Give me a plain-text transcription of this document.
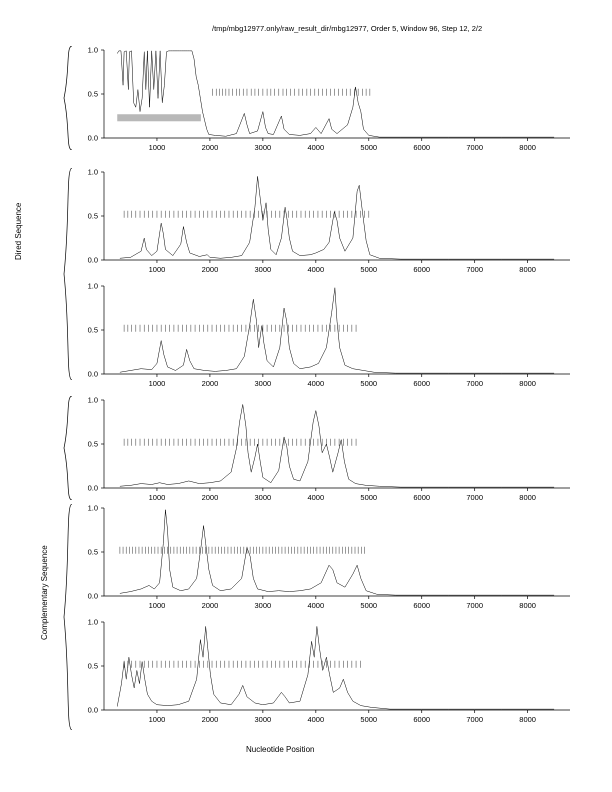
/tmp/mbg12977.only/raw_result_dir/mbg12977, Order 5, Window 96, Step 12, 2/2
Dired Sequence
Complementary Sequence
Nucleotide Position
0.0
0.5
1.0
1000	2000	3000	4000	5000	6000	7000	8000
0.0
0.5
1.0
1000	2000	3000	4000	5000	6000	7000	8000
0.0
0.5
1.0
1000	2000	3000	4000	5000	6000	7000	8000
0.0
0.5
1.0
1000	2000	3000	4000	5000	6000	7000	8000
0.0
0.5
1.0
1000	2000	3000	4000	5000	6000	7000	8000
0.0
0.5
1.0
1000	2000	3000	4000	5000	6000	7000	8000
